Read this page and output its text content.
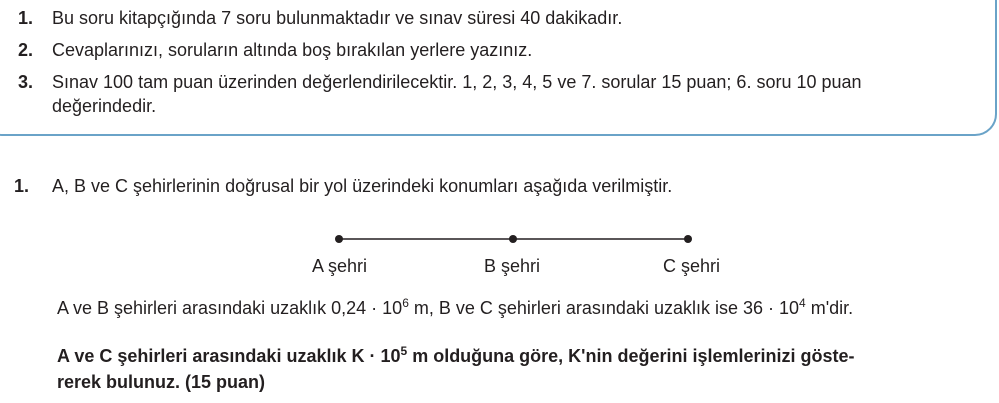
1. Bu soru kitapçığında 7 soru bulunmaktadır ve sınav süresi 40 dakikadır.
2. Cevaplarınızı, soruların altında boş bırakılan yerlere yazınız.
3. Sınav 100 tam puan üzerinden değerlendirilecektir. 1, 2, 3, 4, 5 ve 7. sorular 15 puan; 6. soru 10 puan
değerindedir.
1. A, B ve C şehirlerinin doğrusal bir yol üzerindeki konumları aşağıda verilmiştir.
A şehri	B şehri	C şehri
A ve B şehirleri arasındaki uzaklık $0,24 \cdot 10^6$ m, B ve C şehirleri arasındaki uzaklık ise $36 \cdot 10^4$ m'dir.
A ve C şehirleri arasındaki uzaklık $K \cdot 10^5$ m olduğuna göre, K'nin değerini işlemlerinizi göste-
rerek bulunuz. (15 puan)
